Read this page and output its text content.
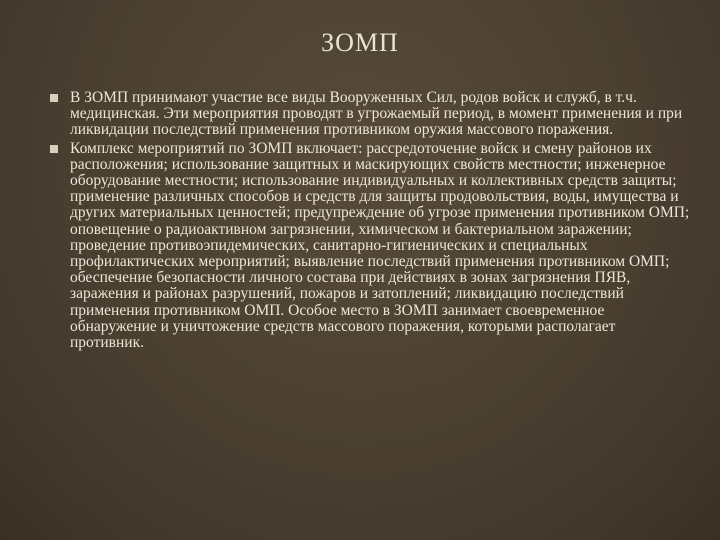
ЗОМП
В ЗОМП принимают участие все виды Вооруженных Сил, родов войск и служб, в т.ч. медицинская. Эти мероприятия проводят в угрожаемый период, в момент применения и при ликвидации последствий применения противником оружия массового поражения.
Комплекс мероприятий по ЗОМП включает: рассредоточение войск и смену районов их расположения; использование защитных и маскирующих свойств местности; инженерное оборудование местности; использование индивидуальных и коллективных средств защиты; применение различных способов и средств для защиты продовольствия, воды, имущества и других материальных ценностей; предупреждение об угрозе применения противником ОМП; оповещение о радиоактивном загрязнении, химическом и бактериальном заражении; проведение противоэпидемических, санитарно-гигиенических и специальных профилактических мероприятий; выявление последствий применения противником ОМП; обеспечение безопасности личного состава при действиях в зонах загрязнения ПЯВ, заражения и районах разрушений, пожаров и затоплений; ликвидацию последствий применения противником ОМП. Особое место в ЗОМП занимает своевременное обнаружение и уничтожение средств массового поражения, которыми располагает противник.
